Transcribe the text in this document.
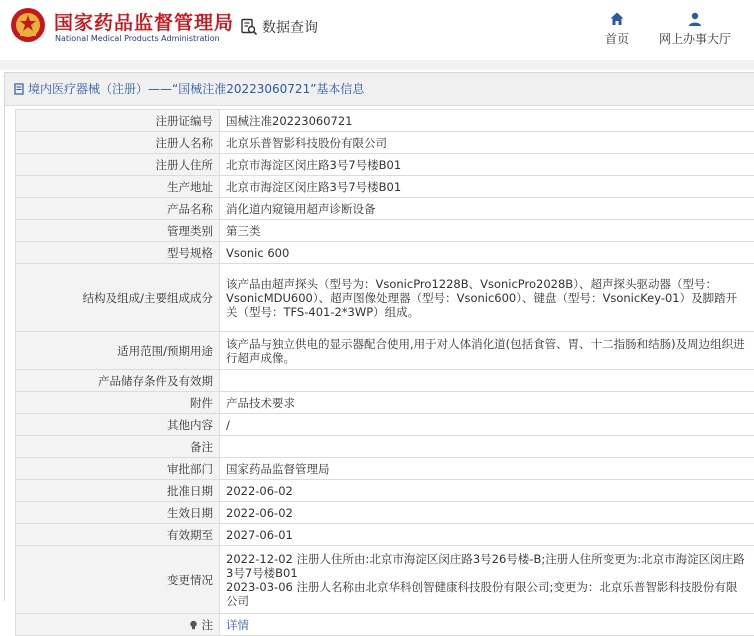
国家药品监督管理局
National Medical Products Administration
数据查询
首页	网上办事大厅
境内医疗器械（注册）——“国械注准20223060721”基本信息
注册证编号	国械注准20223060721
注册人名称	北京乐普智影科技股份有限公司
注册人住所	北京市海淀区闵庄路3号7号楼B01
生产地址	北京市海淀区闵庄路3号7号楼B01
产品名称	消化道内窥镜用超声诊断设备
管理类别	第三类
型号规格	Vsonic 600
结构及组成/主要组成成分	该产品由超声探头（型号为：VsonicPro1228B、VsonicPro2028B）、超声探头驱动器（型号：VsonicMDU600）、超声图像处理器（型号：Vsonic600）、键盘（型号：VsonicKey-01）及脚踏开关（型号：TFS-401-2*3WP）组成。
适用范围/预期用途	该产品与独立供电的显示器配合使用,用于对人体消化道(包括食管、胃、十二指肠和结肠)及周边组织进行超声成像。
产品储存条件及有效期	
附件	产品技术要求
其他内容	/
备注	
审批部门	国家药品监督管理局
批准日期	2022-06-02
生效日期	2022-06-02
有效期至	2027-06-01
变更情况	2022-12-02 注册人住所由:北京市海淀区闵庄路3号26号楼-B;注册人住所变更为:北京市海淀区闵庄路3号7号楼B01
2023-03-06 注册人名称由北京华科创智健康科技股份有限公司;变更为：北京乐普智影科技股份有限公司

注	详情
